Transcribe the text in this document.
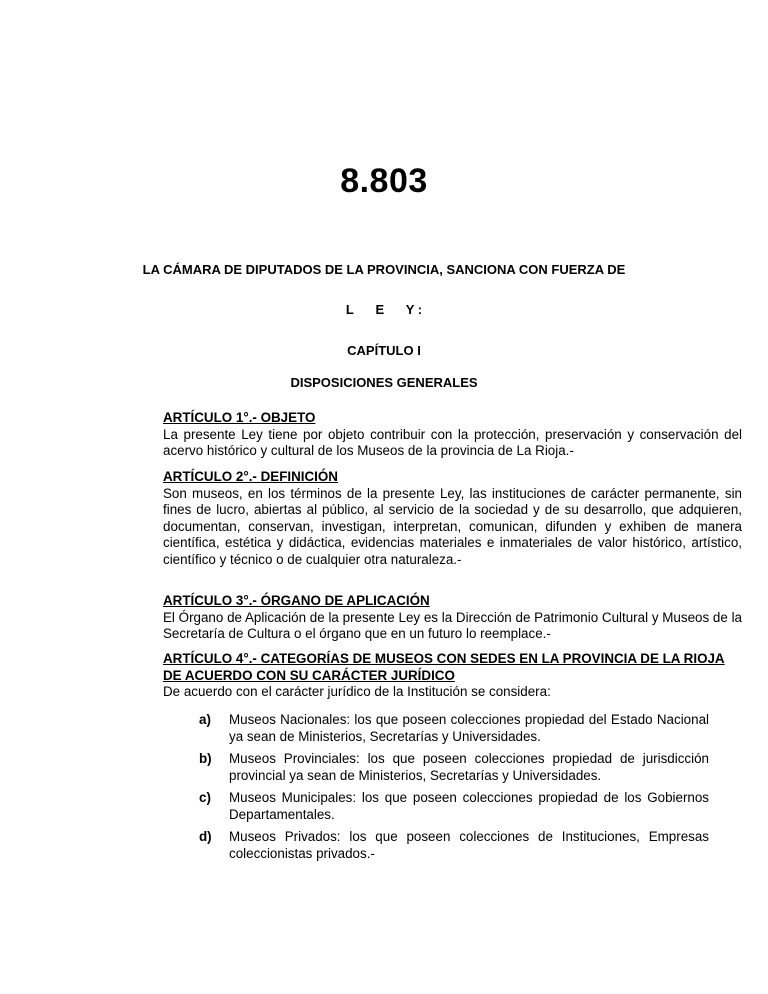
8.803
LA CÁMARA DE DIPUTADOS DE LA PROVINCIA, SANCIONA CON FUERZA DE
L E Y :
CAPÍTULO I
DISPOSICIONES GENERALES

ARTÍCULO 1°.- OBJETO

La presente Ley tiene por objeto contribuir con la protección, preservación y conservación del acervo histórico y cultural de los Museos de la provincia de La Rioja.-

ARTÍCULO 2°.- DEFINICIÓN

Son museos, en los términos de la presente Ley, las instituciones de carácter permanente, sin fines de lucro, abiertas al público, al servicio de la sociedad y de su desarrollo, que adquieren, documentan, conservan, investigan, interpretan, comunican, difunden y exhiben de manera científica, estética y didáctica, evidencias materiales e inmateriales de valor histórico, artístico, científico y técnico o de cualquier otra naturaleza.-

ARTÍCULO 3°.- ÓRGANO DE APLICACIÓN

El Órgano de Aplicación de la presente Ley es la Dirección de Patrimonio Cultural y Museos de la Secretaría de Cultura o el órgano que en un futuro lo reemplace.-

ARTÍCULO 4°.- CATEGORÍAS DE MUSEOS CON SEDES EN LA PROVINCIA DE LA RIOJA DE ACUERDO CON SU CARÁCTER JURÍDICO

De acuerdo con el carácter jurídico de la Institución se considera:

a) Museos Nacionales: los que poseen colecciones propiedad del Estado Nacional ya sean de Ministerios, Secretarías y Universidades.
b) Museos Provinciales: los que poseen colecciones propiedad de jurisdicción provincial ya sean de Ministerios, Secretarías y Universidades.
c) Museos Municipales: los que poseen colecciones propiedad de los Gobiernos Departamentales.
d) Museos Privados: los que poseen colecciones de Instituciones, Empresas coleccionistas privados.-
